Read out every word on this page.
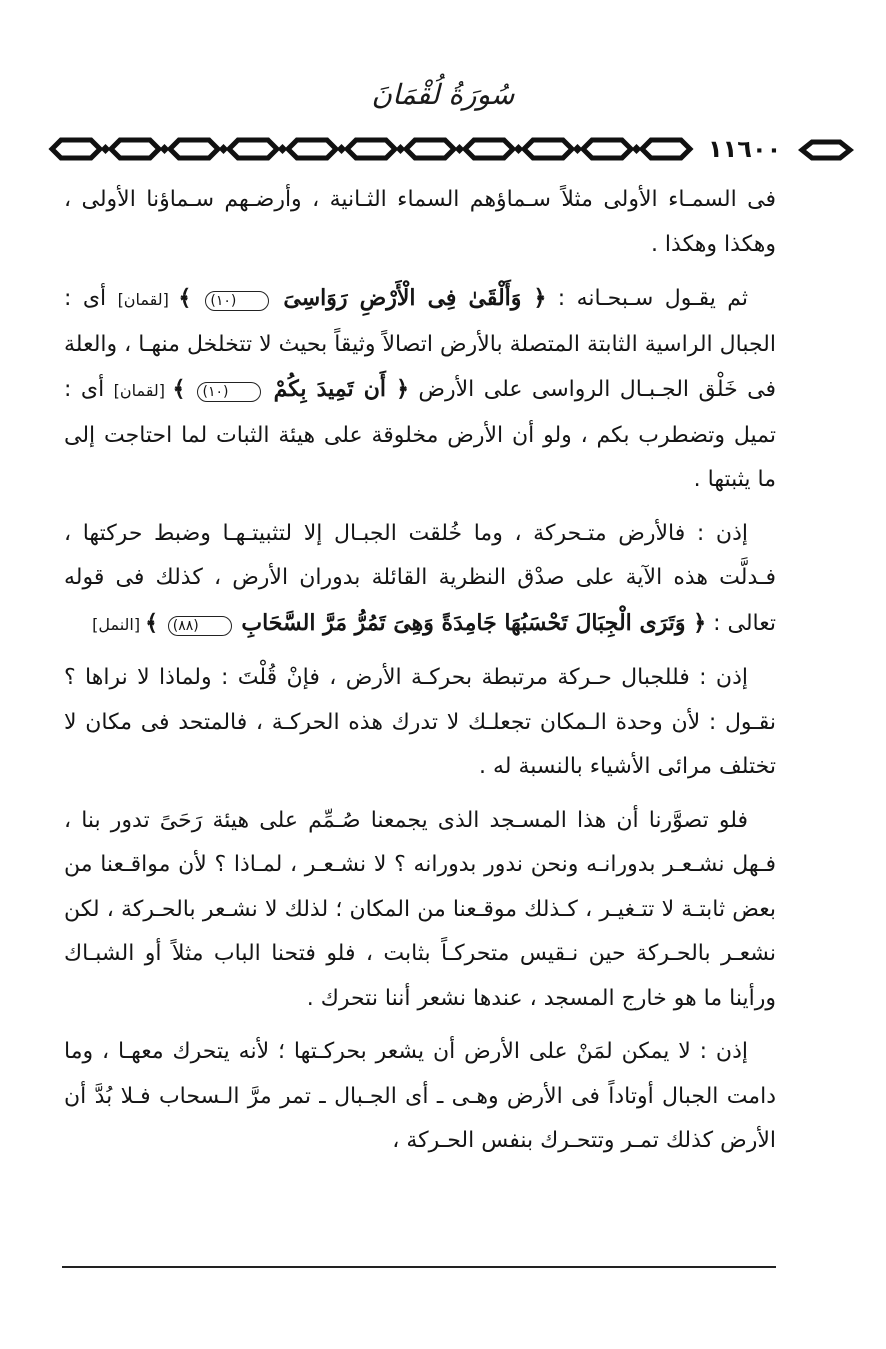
سُورَةُ لُقْمَانَ
١١٦٠٠

فى السمـاء الأولى مثلاً سـماؤهم السماء الثـانية ، وأرضـهم سـماؤنا الأولى ، وهكذا وهكذا .

ثم يقـول سـبحـانه : ﴿ وَأَلْقَىٰ فِى الْأَرْضِ رَوَاسِىَ (١٠) ﴾ [لقمان] أى : الجبال الراسية الثابتة المتصلة بالأرض اتصالاً وثيقاً بحيث لا تتخلخل منهـا ، والعلة فى خَلْق الجـبـال الرواسى على الأرض ﴿ أَن تَمِيدَ بِكُمْ (١٠) ﴾ [لقمان] أى : تميل وتضطرب بكم ، ولو أن الأرض مخلوقة على هيئة الثبات لما احتاجت إلى ما يثبتها .

إذن : فالأرض متـحركة ، وما خُلقت الجبـال إلا لتثبيتـهـا وضبط حركتها ، فـدلَّت هذه الآية على صدْق النظرية القائلة بدوران الأرض ، كذلك فى قوله تعالى : ﴿ وَتَرَى الْجِبَالَ تَحْسَبُهَا جَامِدَةً وَهِىَ تَمُرُّ مَرَّ السَّحَابِ (٨٨) ﴾ [النمل]

إذن : فللجبال حـركة مرتبطة بحركـة الأرض ، فإنْ قُلْتَ : ولماذا لا نراها ؟ نقـول : لأن وحدة الـمكان تجعلـك لا تدرك هذه الحركـة ، فالمتحد فى مكان لا تختلف مرائى الأشياء بالنسبة له .

فلو تصوَّرنا أن هذا المسـجد الذى يجمعنا صُـمِّم على هيئة رَحَىً تدور بنا ، فـهل نشـعـر بدورانـه ونحن ندور بدورانه ؟ لا نشـعـر ، لمـاذا ؟ لأن مواقـعنا من بعض ثابتـة لا تتـغيـر ، كـذلك موقـعنا من المكان ؛ لذلك لا نشـعر بالحـركة ، لكن نشعـر بالحـركة حين نـقيس متحركـاً بثابت ، فلو فتحنا الباب مثلاً أو الشبـاك ورأينا ما هو خارج المسجد ، عندها نشعر أننا نتحرك .

إذن : لا يمكن لمَنْ على الأرض أن يشعر بحركـتها ؛ لأنه يتحرك معهـا ، وما دامت الجبال أوتاداً فى الأرض وهـى ـ أى الجـبال ـ تمر مرَّ الـسحاب فـلا بُدَّ أن الأرض كذلك تمـر وتتحـرك بنفس الحـركة ،
